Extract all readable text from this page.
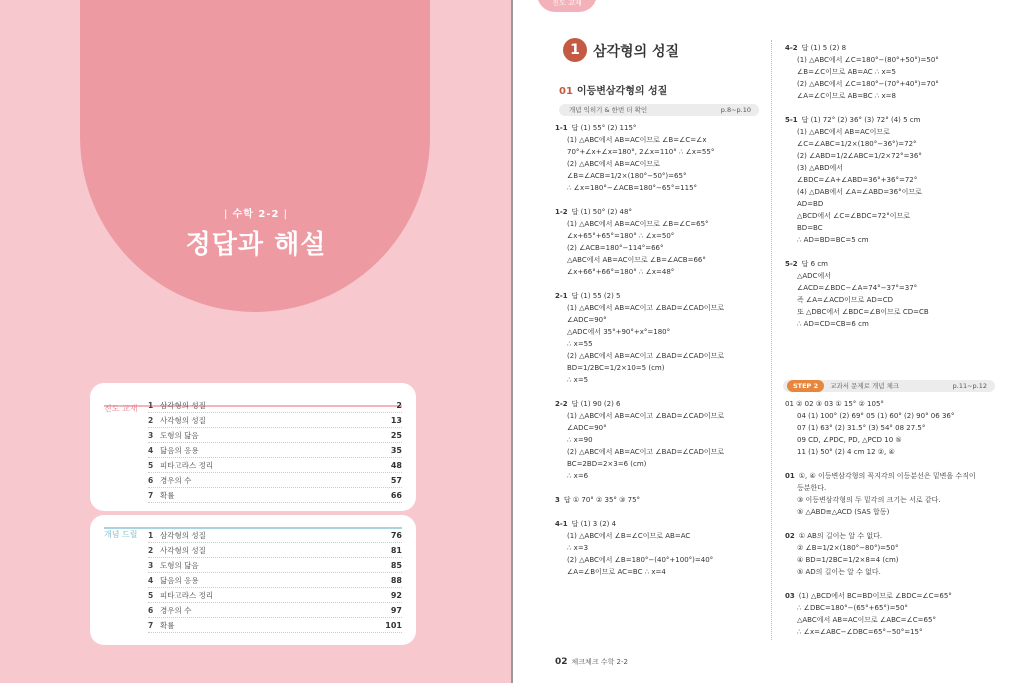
| 수학 2-2 |
정답과 해설
진도 교재 1 삼각형의 성질	2
2 사각형의 성질	13
3 도형의 닮음	25
4 닮음의 응용	35
5 피타고라스 정리	48
6 경우의 수	57
7 확률	66
개념 드릴 1 삼각형의 성질	76
2 사각형의 성질	81
3 도형의 닮음	85
4 닮음의 응용	88
5 피타고라스 정리	92
6 경우의 수	97
7 확률	101
진도 교재
1 삼각형의 성질
01 이등변삼각형의 성질
개념 익히기 & 한번 더 확인	p.8~p.10
1-1 답 (1) 55° (2) 115°
(1) △ABC에서 AB=AC이므로 ∠B=∠C=∠x
70°+∠x+∠x=180°, 2∠x=110° ∴ ∠x=55°
(2) △ABC에서 AB=AC이므로
∠B=∠ACB=1/2×(180°−50°)=65°
∴ ∠x=180°−∠ACB=180°−65°=115°
1-2 답 (1) 50° (2) 48°
(1) △ABC에서 AB=AC이므로 ∠B=∠C=65°
∠x+65°+65°=180° ∴ ∠x=50°
(2) ∠ACB=180°−114°=66°
△ABC에서 AB=AC이므로 ∠B=∠ACB=66°
∠x+66°+66°=180° ∴ ∠x=48°
2-1 답 (1) 55 (2) 5
(1) △ABC에서 AB=AC이고 ∠BAD=∠CAD이므로
∠ADC=90°
△ADC에서 35°+90°+x°=180°
∴ x=55
(2) △ABC에서 AB=AC이고 ∠BAD=∠CAD이므로
BD=1/2BC=1/2×10=5 (cm)
∴ x=5
2-2 답 (1) 90 (2) 6
(1) △ABC에서 AB=AC이고 ∠BAD=∠CAD이므로
∠ADC=90°
∴ x=90
(2) △ABC에서 AB=AC이고 ∠BAD=∠CAD이므로
BC=2BD=2×3=6 (cm)
∴ x=6
3 답 ① 70° ② 35° ③ 75°
4-1 답 (1) 3 (2) 4
(1) △ABC에서 ∠B=∠C이므로 AB=AC
∴ x=3
(2) △ABC에서 ∠B=180°−(40°+100°)=40°
∠A=∠B이므로 AC=BC ∴ x=4
4-2 답 (1) 5 (2) 8
(1) △ABC에서 ∠C=180°−(80°+50°)=50°
∠B=∠C이므로 AB=AC ∴ x=5
(2) △ABC에서 ∠C=180°−(70°+40°)=70°
∠A=∠C이므로 AB=BC ∴ x=8
5-1 답 (1) 72° (2) 36° (3) 72° (4) 5 cm
(1) △ABC에서 AB=AC이므로
∠C=∠ABC=1/2×(180°−36°)=72°
(2) ∠ABD=1/2∠ABC=1/2×72°=36°
(3) △ABD에서
∠BDC=∠A+∠ABD=36°+36°=72°
(4) △DAB에서 ∠A=∠ABD=36°이므로
AD=BD
△BCD에서 ∠C=∠BDC=72°이므로
BD=BC
∴ AD=BD=BC=5 cm
5-2 답 6 cm
△ADC에서
∠ACD=∠BDC−∠A=74°−37°=37°
즉 ∠A=∠ACD이므로 AD=CD
또 △DBC에서 ∠BDC=∠B이므로 CD=CB
∴ AD=CD=CB=6 cm
STEP 2 교과서 문제로 개념 체크	p.11~p.12
01 ② 02 ③ 03 ① 15° ② 105°
04 (1) 100° (2) 69° 05 (1) 60° (2) 90° 06 36°
07 (1) 63° (2) 31.5° (3) 54° 08 27.5°
09 CD, ∠PDC, PD, △PCD 10 ⑤
11 (1) 50° (2) 4 cm 12 ②, ④
01 ①, ④ 이등변삼각형의 꼭지각의 이등분선은 밑변을 수직이
등분한다.
③ 이등변삼각형의 두 밑각의 크기는 서로 같다.
⑤ △ABD≡△ACD (SAS 합동)
02 ① AB의 길이는 알 수 없다.
② ∠B=1/2×(180°−80°)=50°
④ BD=1/2BC=1/2×8=4 (cm)
⑤ AD의 길이는 알 수 없다.
03 (1) △BCD에서 BC=BD이므로 ∠BDC=∠C=65°
∴ ∠DBC=180°−(65°+65°)=50°
△ABC에서 AB=AC이므로 ∠ABC=∠C=65°
∴ ∠x=∠ABC−∠DBC=65°−50°=15°
02 체크체크 수학 2-2
